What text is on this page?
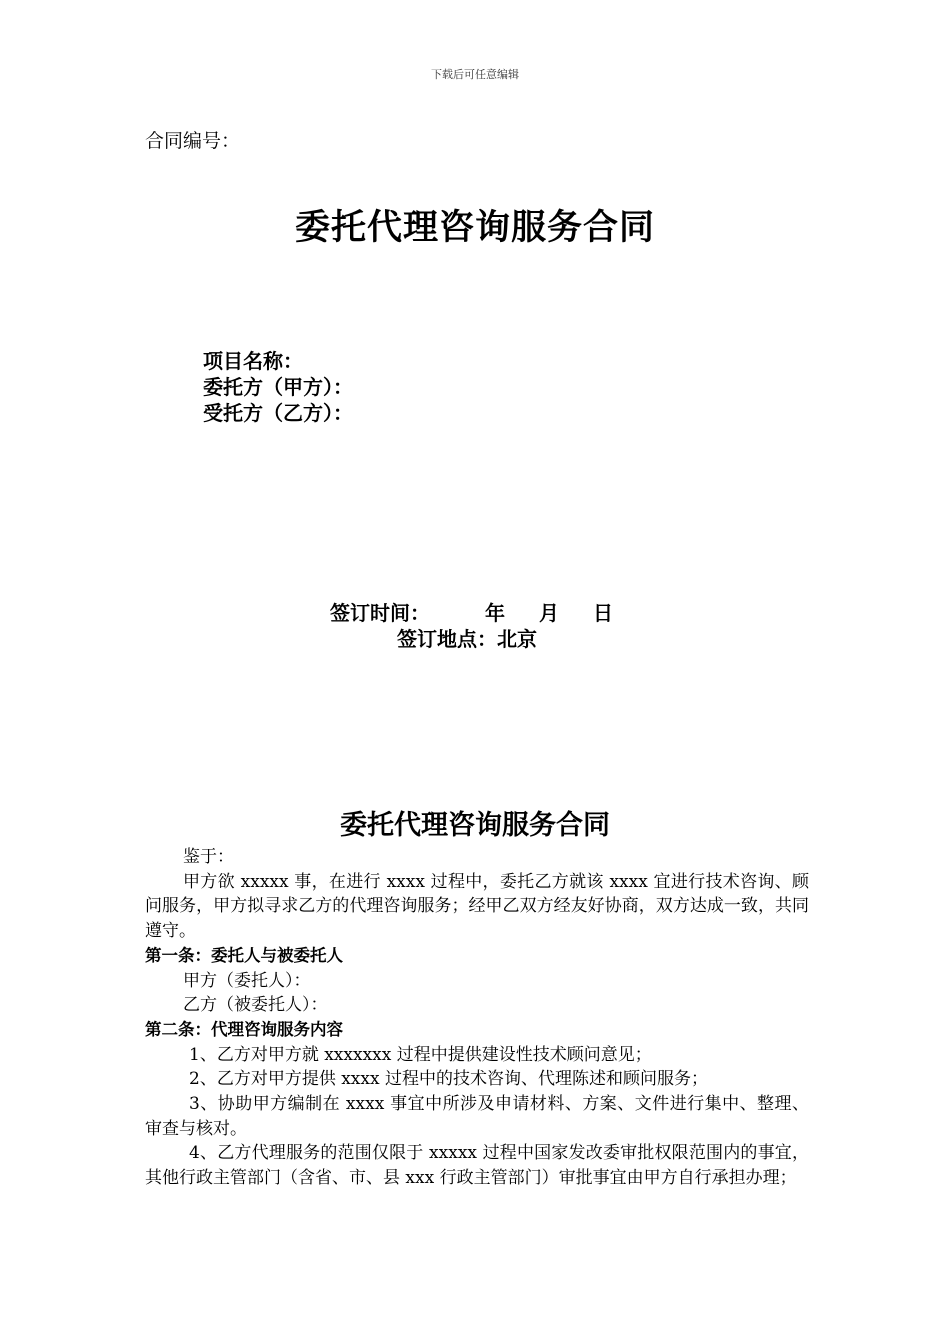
下载后可任意编辑
合同编号：
委托代理咨询服务合同
项目名称：
委托方（甲方）：
受托方（乙方）：
签订时间：	年 月 日
签订地点：北京
委托代理咨询服务合同

鉴于：

甲方欲 xxxxx 事，在进行 xxxx 过程中，委托乙方就该 xxxx 宜进行技术咨询、顾问服务，甲方拟寻求乙方的代理咨询服务；经甲乙双方经友好协商，双方达成一致，共同遵守。

第一条：委托人与被委托人

甲方（委托人）：

乙方（被委托人）：

第二条：代理咨询服务内容

1、乙方对甲方就 xxxxxxx 过程中提供建设性技术顾问意见；

2、乙方对甲方提供 xxxx 过程中的技术咨询、代理陈述和顾问服务；

3、协助甲方编制在 xxxx 事宜中所涉及申请材料、方案、文件进行集中、整理、审查与核对。

4、乙方代理服务的范围仅限于 xxxxx 过程中国家发改委审批权限范围内的事宜，其他行政主管部门（含省、市、县 xxx 行政主管部门）审批事宜由甲方自行承担办理；
